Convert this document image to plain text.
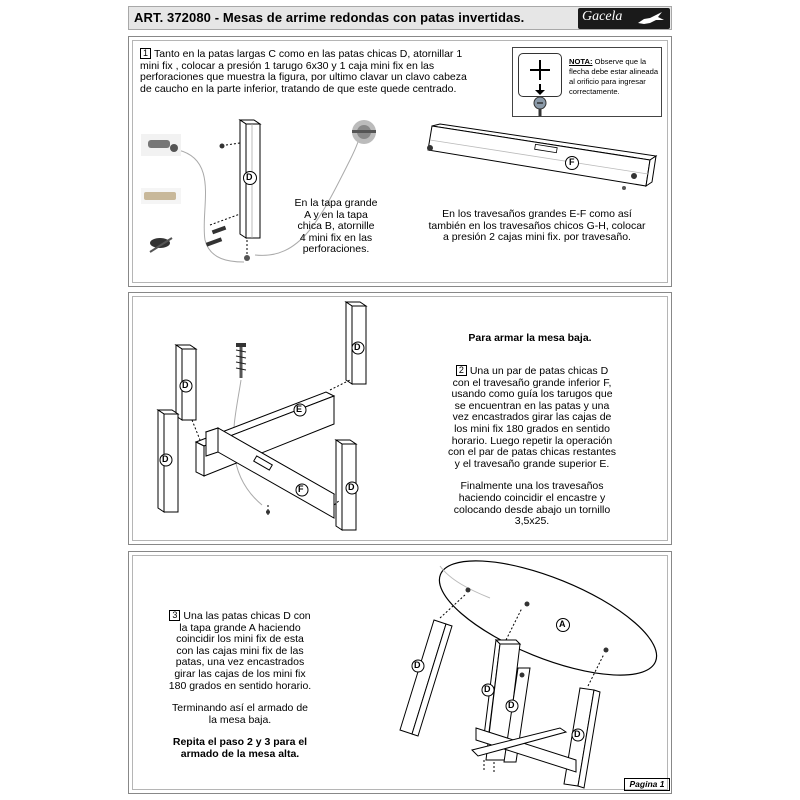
ART. 372080 - Mesas de arrime redondas con patas invertidas.	Gacela
1 Tanto en la patas largas C como en las patas chicas D, atornillar 1
mini fix , colocar a presión 1 tarugo 6x30 y 1 caja mini fix en las
perforaciones que muestra la figura, por ultimo clavar un clavo cabeza
de caucho en la parte inferior, tratando de que este quede centrado.
NOTA: Observe que la
flecha debe estar alineada
al orificio para ingresar
correctamente.
D
F
En la tapa grande
A y en la tapa
chica B, atornille
4 mini fix en las
perforaciones.
En los travesaños grandes E-F como así
también en los travesaños chicos G-H, colocar
a presión 2 cajas mini fix. por travesaño.
D
D
D
D
E
F
Para armar la mesa baja.
2 Una un par de patas chicas D
con el travesaño grande inferior F,
usando como guía los tarugos que
se encuentran en las patas y una
vez encastrados girar las cajas de
los mini fix 180 grados en sentido
horario. Luego repetir la operación
con el par de patas chicas restantes
y el travesaño grande superior E.
Finalmente una los travesaños
haciendo coincidir el encastre y
colocando desde abajo un tornillo
3,5x25.
3 Una las patas chicas D con
la tapa grande A haciendo
coincidir los mini fix de esta
con las cajas mini fix de las
patas, una vez encastrados
girar las cajas de los mini fix
180 grados en sentido horario.
Terminando así el armado de
la mesa baja.
Repita el paso 2 y 3 para el
armado de la mesa alta.
A
D
D
D
D
Pagina 1
